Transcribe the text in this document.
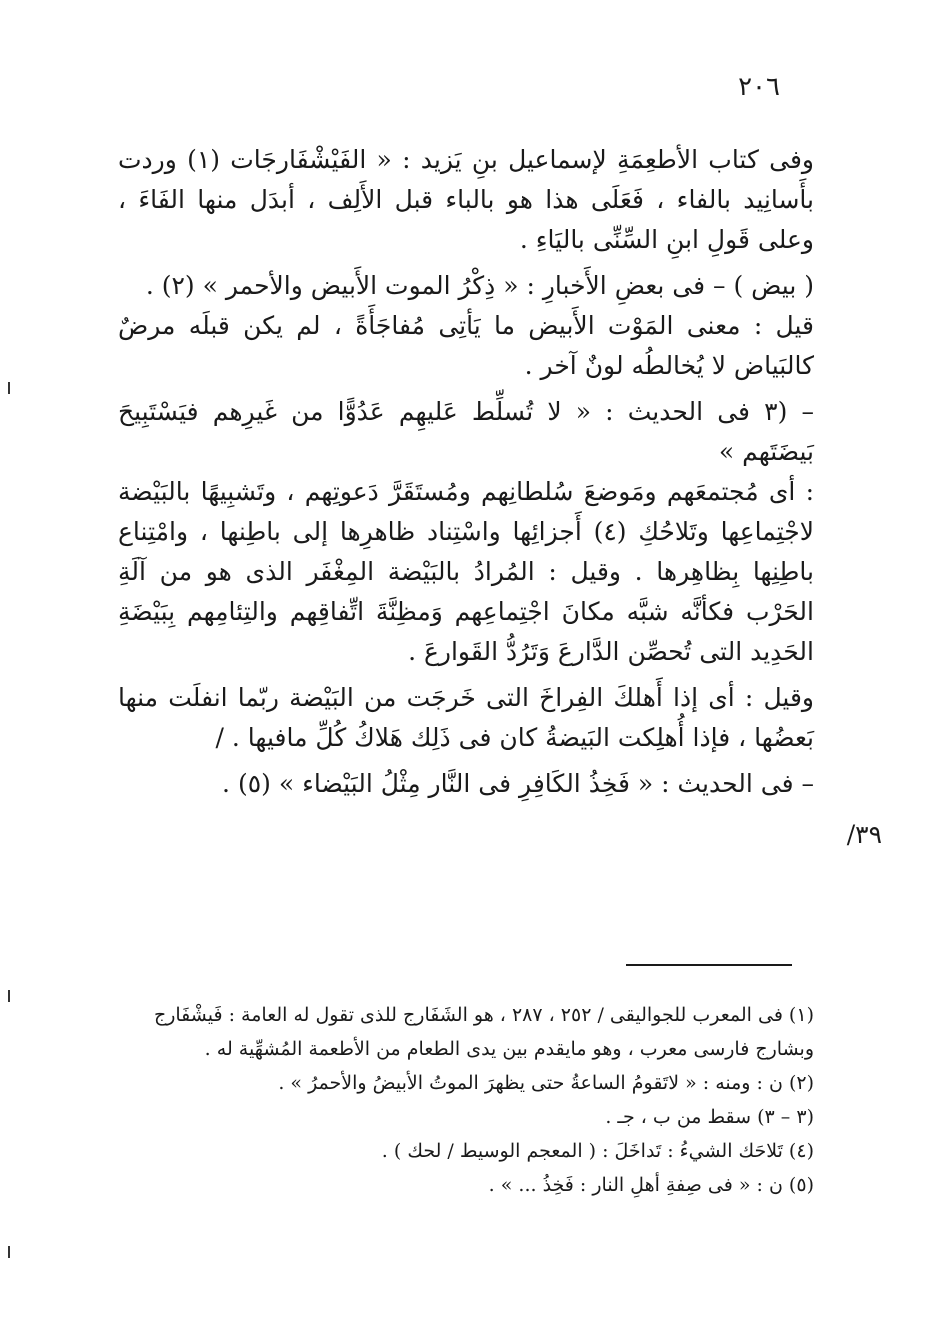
٢٠٦

وفى كتاب الأطعِمَةِ لإسماعيل بنِ يَزيد : « الفَيْشْفَارجَات (١) وردت بأَسانِيد بالفاء ، فَعَلَى هذا هو بالباء قبل الأَلِف ، أبدَل منها الفَاءَ ، وعلى قَولِ ابنِ السِّنِّى باليَاءِ .

( بيض ) – فى بعضِ الأَخبارِ : « ذِكْرُ الموت الأَبيض والأحمر » (٢) .

قيل : معنى المَوْت الأَبيض ما يَأتِى مُفاجَأَةً ، لم يكن قبلَه مرضٌ كالبَياض لا يُخالطُه لونٌ آخر .

– (٣ فى الحديث : « لا تُسلِّط عَليهِم عَدُوًّا من غَيرِهم فيَسْتَبِيحَ بَيضَتَهم »

: أى مُجتمعَهم ومَوضعَ سُلطانِهم ومُستَقَرَّ دَعوتِهم ، وتَشبِيهًا بالبَيْضة لاجْتِماعِها وتَلاحُكِ (٤) أَجزائِها واسْتِناد ظاهرِها إلى باطِنها ، وامْتِناع باطِنِها بِظاهِرها . وقيل : المُرادُ بالبَيْضة المِغْفَر الذى هو من آلَةِ الحَرْب فكأنَّه شبَّه مكانَ اجْتِماعِهم وَمظِنَّةَ اتِّفاقِهم والتِئامِهم بِبَيْضَةِ الحَدِيد التى تُحصِّن الدَّارعَ وَتَرُدُّ القَوارعَ .

وقيل : أى إذا أَهلكَ الفِراخَ التى خَرجَت من البَيْضة ربّما انفلَت منها بَعضُها ، فإذا أُهلِكت البَيضةُ كان فى ذَلِك هَلاكُ كُلِّ مافيها . /

– فى الحديث : « فَخِذُ الكَافِرِ فى النَّار مِثْلُ البَيْضاء » (٥) .

٣٩/

(١) فى المعرب للجواليقى / ٢٥٢ ، ٢٨٧ ، هو الشَفَارج للذى تقول له العامة : فَيشْفَارج وبشارج فارسى معرب ، وهو مايقدم بين يدى الطعام من الأطعمة المُشهِّية له .

(٢) ن : ومنه : « لاتَقومُ الساعةُ حتى يظهرَ الموتُ الأبيضُ والأحمرُ » .

(٣ – ٣) سقط من ب ، جـ .

(٤) تَلاحَك الشيءُ : تَداخَلَ : ( المعجم الوسيط / لحك ) .

(٥) ن : « فى صِفةِ أهلِ النار : فَخِذُ ... » .
